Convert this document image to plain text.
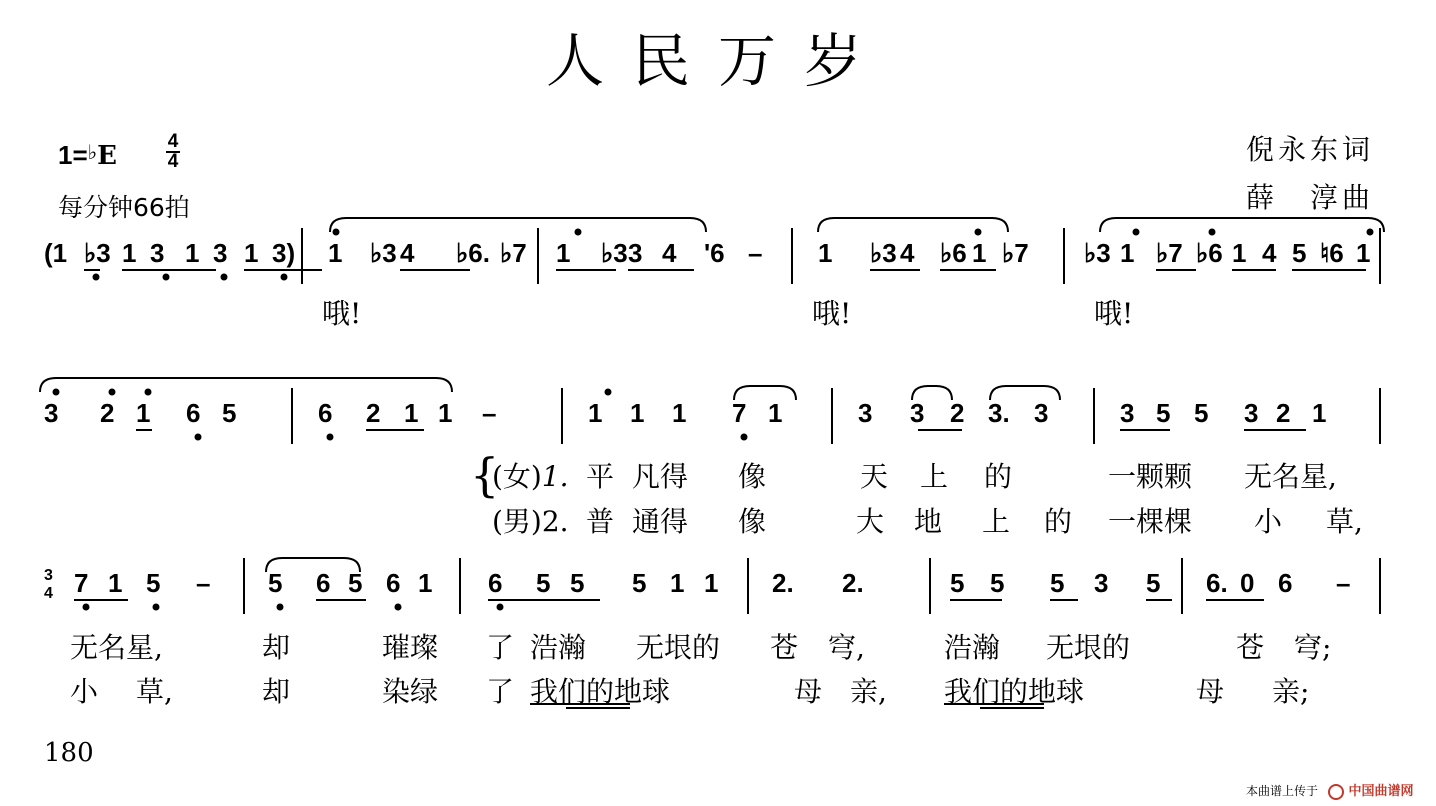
人民万岁
1=♭E	4
4
每分钟66拍
倪永东词
薛　淳曲
(1 ♭3 1 3 1 3 1 3) 1 ♭3 4 ♭6. ♭7 1 ♭3 3 4 '6 – 1 ♭3 4 ♭6 1 ♭7 ♭3 1 ♭7 ♭6 1 4 5 ♮6 1
3 2 1 6 5	6 2 1 1 –	1 1 1 7 1	3 3 2 3. 3	3 5 5 3 2 1
3
4 7 1 5 – 5 6 5 6 1 6 5 5 5 1 1 2. 2.	5 5 5 3 5 6. 0 6 –
哦!	哦!	哦!
{
(女)1.
(男)2.
平 凡得 像	天 上 的	一颗颗 无名星,
普 通得 像	大 地 上 的 一棵棵 小 草,
无名星,	却	璀璨 了 浩瀚 无垠的 苍 穹,	浩瀚 无垠的	苍 穹;
小 草,	却	染绿 了 我们的地球	母 亲, 我们的地球	母 亲;
180
本曲谱上传于	中国曲谱网
